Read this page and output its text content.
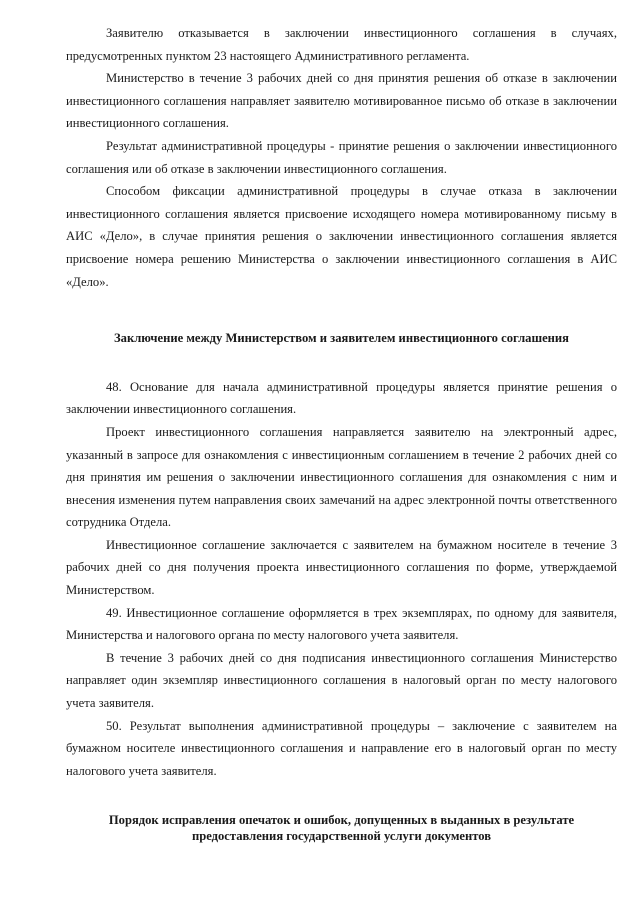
Заявителю отказывается в заключении инвестиционного соглашения в случаях, предусмотренных пунктом 23 настоящего Административного регламента.

Министерство в течение 3 рабочих дней со дня принятия решения об отказе в заключении инвестиционного соглашения направляет заявителю мотивированное письмо об отказе в заключении инвестиционного соглашения.

Результат административной процедуры - принятие решения о заключении инвестиционного соглашения или об отказе в заключении инвестиционного соглашения.

Способом фиксации административной процедуры в случае отказа в заключении инвестиционного соглашения является присвоение исходящего номера мотивированному письму в АИС «Дело», в случае принятия решения о заключении инвестиционного соглашения является присвоение номера решению Министерства о заключении инвестиционного соглашения в АИС «Дело».

Заключение между Министерством и заявителем инвестиционного соглашения

48. Основание для начала административной процедуры является принятие решения о заключении инвестиционного соглашения.

Проект инвестиционного соглашения направляется заявителю на электронный адрес, указанный в запросе для ознакомления с инвестиционным соглашением в течение 2 рабочих дней со дня принятия им решения о заключении инвестиционного соглашения для ознакомления с ним и внесения изменения путем направления своих замечаний на адрес электронной почты ответственного сотрудника Отдела.

Инвестиционное соглашение заключается с заявителем на бумажном носителе в течение 3 рабочих дней со дня получения проекта инвестиционного соглашения по форме, утверждаемой Министерством.

49. Инвестиционное соглашение оформляется в трех экземплярах, по одному для заявителя, Министерства и налогового органа по месту налогового учета заявителя.

В течение 3 рабочих дней со дня подписания инвестиционного соглашения Министерство направляет один экземпляр инвестиционного соглашения в налоговый орган по месту налогового учета заявителя.

50. Результат выполнения административной процедуры – заключение с заявителем на бумажном носителе инвестиционного соглашения и направление его в налоговый орган по месту налогового учета заявителя.

Порядок исправления опечаток и ошибок, допущенных в выданных в результате
предоставления государственной услуги документов
